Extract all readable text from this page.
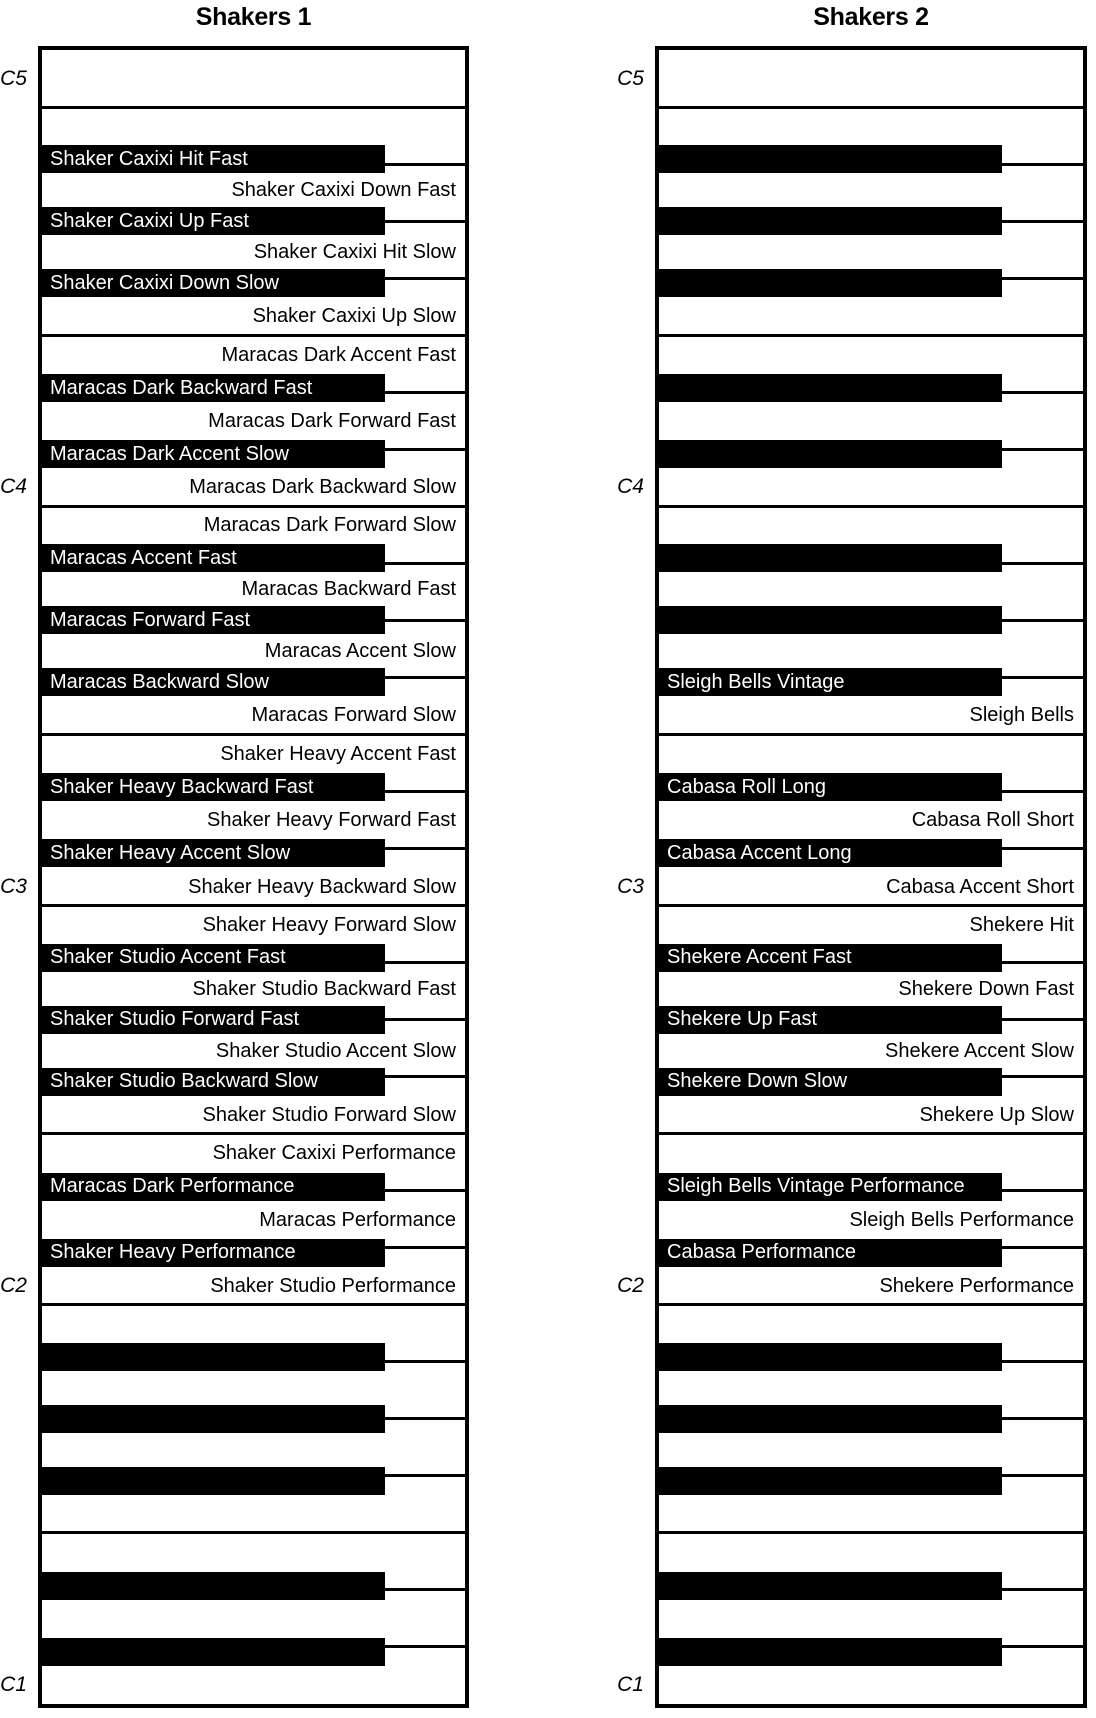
Shakers 1
Shaker Caxixi Hit Fast
Shaker Caxixi Down Fast
Shaker Caxixi Up Fast
Shaker Caxixi Hit Slow
Shaker Caxixi Down Slow
Shaker Caxixi Up Slow
Maracas Dark Accent Fast
Maracas Dark Backward Fast
Maracas Dark Forward Fast
Maracas Dark Accent Slow
Maracas Dark Backward Slow
Maracas Dark Forward Slow
Maracas Accent Fast
Maracas Backward Fast
Maracas Forward Fast
Maracas Accent Slow
Maracas Backward Slow
Maracas Forward Slow
Shaker Heavy Accent Fast
Shaker Heavy Backward Fast
Shaker Heavy Forward Fast
Shaker Heavy Accent Slow
Shaker Heavy Backward Slow
Shaker Heavy Forward Slow
Shaker Studio Accent Fast
Shaker Studio Backward Fast
Shaker Studio Forward Fast
Shaker Studio Accent Slow
Shaker Studio Backward Slow
Shaker Studio Forward Slow
Shaker Caxixi Performance
Maracas Dark Performance
Maracas Performance
Shaker Heavy Performance
Shaker Studio Performance
C5
C4
C3
C2
C1
Shakers 2
Sleigh Bells Vintage
Sleigh Bells
Cabasa Roll Long
Cabasa Roll Short
Cabasa Accent Long
Cabasa Accent Short
Shekere Hit
Shekere Accent Fast
Shekere Down Fast
Shekere Up Fast
Shekere Accent Slow
Shekere Down Slow
Shekere Up Slow
Sleigh Bells Vintage Performance
Sleigh Bells Performance
Cabasa Performance
Shekere Performance
C5
C4
C3
C2
C1
